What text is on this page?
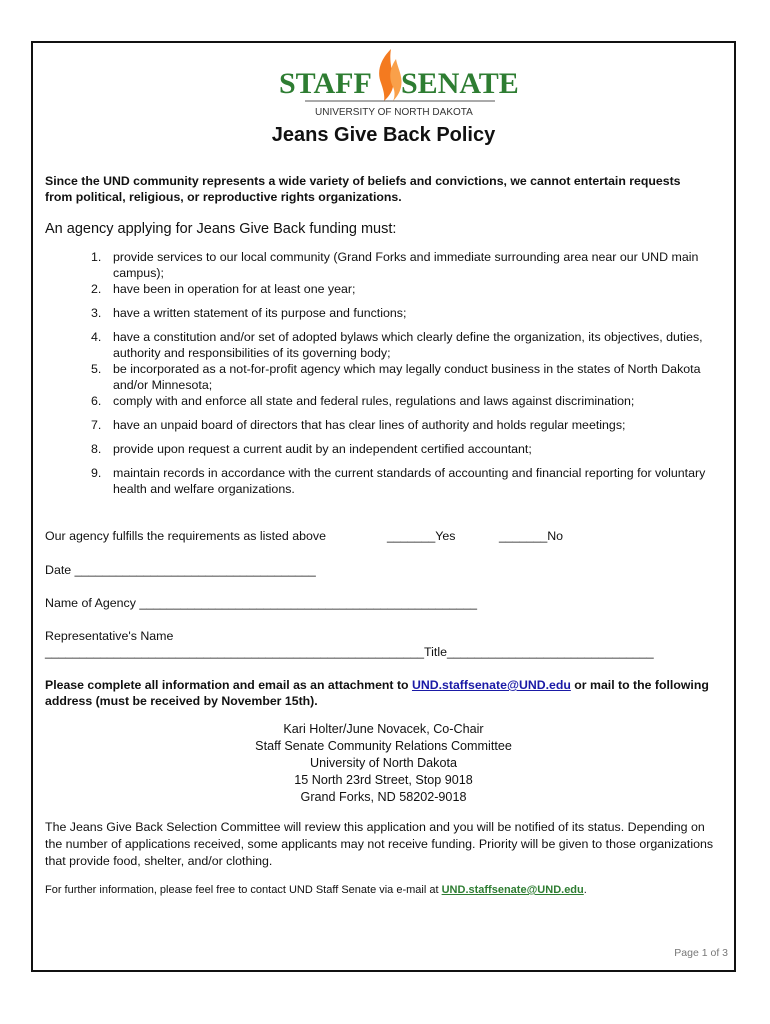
STAFF SENATE
UNIVERSITY OF NORTH DAKOTA
Jeans Give Back Policy
Since the UND community represents a wide variety of beliefs and convictions, we cannot entertain requests from political, religious, or reproductive rights organizations.
An agency applying for Jeans Give Back funding must:
1. provide services to our local community (Grand Forks and immediate surrounding area near our UND main campus);
2. have been in operation for at least one year;
3. have a written statement of its purpose and functions;
4. have a constitution and/or set of adopted bylaws which clearly define the organization, its objectives, duties, authority and responsibilities of its governing body;
5. be incorporated as a not-for-profit agency which may legally conduct business in the states of North Dakota and/or Minnesota;
6. comply with and enforce all state and federal rules, regulations and laws against discrimination;
7. have an unpaid board of directors that has clear lines of authority and holds regular meetings;
8. provide upon request a current audit by an independent certified accountant;
9. maintain records in accordance with the current standards of accounting and financial reporting for voluntary health and welfare organizations.
Our agency fulfills the requirements as listed above	_______Yes	_______No
Date ___________________________________
Name of Agency _________________________________________________
Representative's Name
_______________________________________________________Title______________________________
Please complete all information and email as an attachment to UND.staffsenate@UND.edu or mail to the following address (must be received by November 15th).
Kari Holter/June Novacek, Co-Chair
Staff Senate Community Relations Committee
University of North Dakota
15 North 23rd Street, Stop 9018
Grand Forks, ND 58202-9018
The Jeans Give Back Selection Committee will review this application and you will be notified of its status. Depending on the number of applications received, some applicants may not receive funding. Priority will be given to those organizations that provide food, shelter, and/or clothing.
For further information, please feel free to contact UND Staff Senate via e-mail at UND.staffsenate@UND.edu.
Page 1 of 3
